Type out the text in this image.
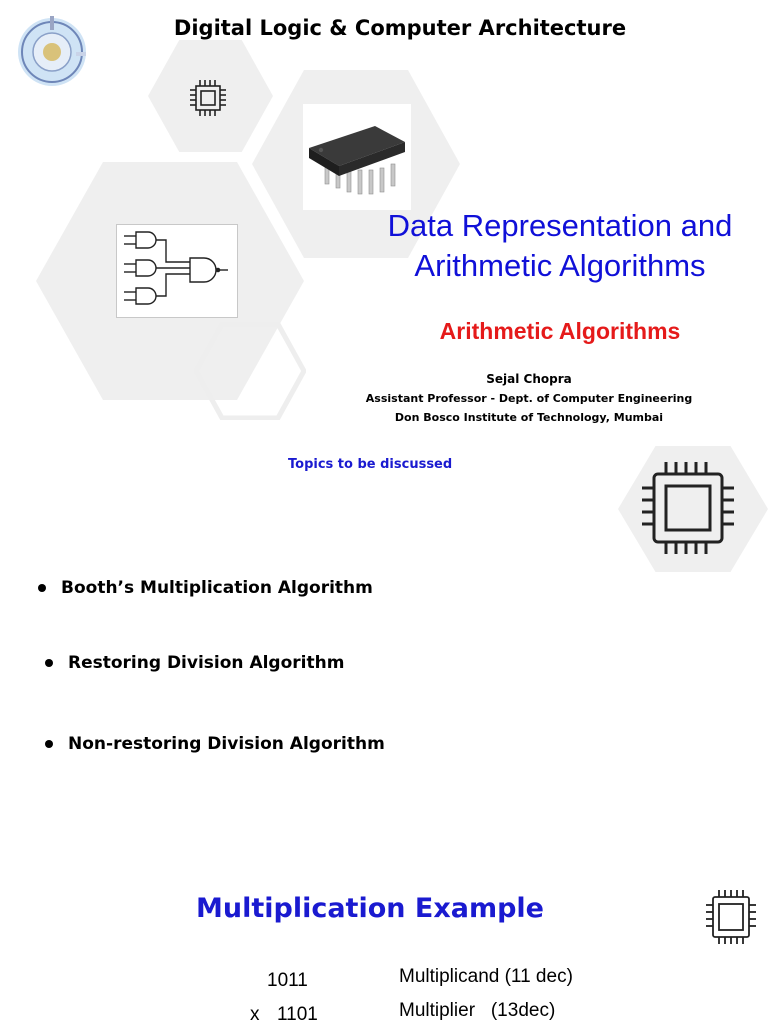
Digital Logic & Computer Architecture
Data Representation and
Arithmetic Algorithms
Arithmetic Algorithms
Sejal Chopra
Assistant Professor - Dept. of Computer Engineering
Don Bosco Institute of Technology, Mumbai
Topics to be discussed
Booth’s Multiplication Algorithm
Restoring Division Algorithm
Non-restoring Division Algorithm
Multiplication Example
1011	Multiplicand (11 dec)
x 1101	Multiplier   (13dec)
